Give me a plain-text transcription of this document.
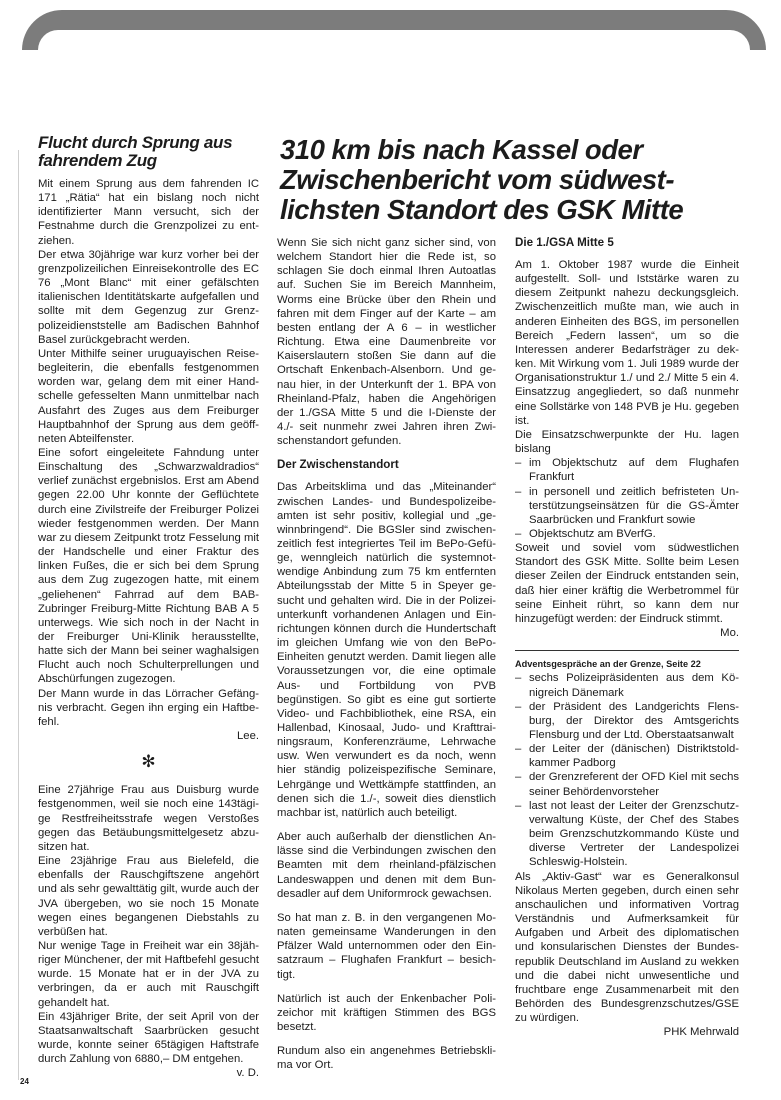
Flucht durch Sprung aus fahrendem Zug

Mit einem Sprung aus dem fahrenden IC 171 „Rätia“ hat ein bislang noch nicht identifizierter Mann versucht, sich der Festnahme durch die Grenzpolizei zu entziehen.

Der etwa 30jährige war kurz vorher bei der grenzpolizeilichen Einreisekontrolle des EC 76 „Mont Blanc“ mit einer gefälschten italienischen Identitätskarte aufgefallen und sollte mit dem Gegenzug zur Grenzpolizeidienststelle am Badischen Bahnhof Basel zurückgebracht werden.

Unter Mithilfe seiner uruguayischen Reisebegleiterin, die ebenfalls festgenommen worden war, gelang dem mit einer Handschelle gefesselten Mann unmittelbar nach Ausfahrt des Zuges aus dem Freiburger Hauptbahnhof der Sprung aus dem geöffneten Abteilfenster.

Eine sofort eingeleitete Fahndung unter Einschaltung des „Schwarzwaldradios“ verlief zunächst ergebnislos. Erst am Abend gegen 22.00 Uhr konnte der Geflüchtete durch eine Zivilstreife der Freiburger Polizei wieder festgenommen werden. Der Mann war zu diesem Zeitpunkt trotz Fesselung mit der Handschelle und einer Fraktur des linken Fußes, die er sich bei dem Sprung aus dem Zug zugezogen hatte, mit einem „geliehenen“ Fahrrad auf dem BAB-Zubringer Freiburg-Mitte Richtung BAB A 5 unterwegs. Wie sich noch in der Nacht in der Freiburger Uni-Klinik herausstellte, hatte sich der Mann bei seiner waghalsigen Flucht auch noch Schulterprellungen und Abschürfungen zugezogen.

Der Mann wurde in das Lörracher Gefängnis verbracht. Gegen ihn erging ein Haftbefehl.

Lee.

✻

Eine 27jährige Frau aus Duisburg wurde festgenommen, weil sie noch eine 143tägige Restfreiheitsstrafe wegen Verstoßes gegen das Betäubungsmittelgesetz abzusitzen hat.

Eine 23jährige Frau aus Bielefeld, die ebenfalls der Rauschgiftszene angehört und als sehr gewalttätig gilt, wurde auch der JVA übergeben, wo sie noch 15 Monate wegen eines begangenen Diebstahls zu verbüßen hat.

Nur wenige Tage in Freiheit war ein 38jähriger Münchener, der mit Haftbefehl gesucht wurde. 15 Monate hat er in der JVA zu verbringen, da er auch mit Rauschgift gehandelt hat.

Ein 43jähriger Brite, der seit April von der Staatsanwaltschaft Saarbrücken gesucht wurde, konnte seiner 65tägigen Haftstrafe durch Zahlung von 6880,– DM entgehen.

v. D.

310 km bis nach Kassel oder Zwischenbericht vom südwestlichsten Standort des GSK Mitte

Wenn Sie sich nicht ganz sicher sind, von welchem Standort hier die Rede ist, so schlagen Sie doch einmal Ihren Autoatlas auf. Suchen Sie im Bereich Mannheim, Worms eine Brücke über den Rhein und fahren mit dem Finger auf der Karte – am besten entlang der A 6 – in westlicher Richtung. Etwa eine Daumenbreite vor Kaiserslautern stoßen Sie dann auf die Ortschaft Enkenbach-Alsenborn. Und genau hier, in der Unterkunft der 1. BPA von Rheinland-Pfalz, haben die Angehörigen der 1./GSA Mitte 5 und die I-Dienste der 4./- seit nunmehr zwei Jahren ihren Zwischenstandort gefunden.

Der Zwischenstandort

Das Arbeitsklima und das „Miteinander“ zwischen Landes- und Bundespolizeibeamten ist sehr positiv, kollegial und „gewinnbringend“. Die BGSler sind zwischenzeitlich fest integriertes Teil im BePo-Gefüge, wenngleich natürlich die systemnotwendige Anbindung zum 75 km entfernten Abteilungsstab der Mitte 5 in Speyer gesucht und gehalten wird. Die in der Polizeiunterkunft vorhandenen Anlagen und Einrichtungen können durch die Hundertschaft im gleichen Umfang wie von den BePo-Einheiten genutzt werden. Damit liegen alle Voraussetzungen vor, die eine optimale Aus- und Fortbildung von PVB begünstigen. So gibt es eine gut sortierte Video- und Fachbibliothek, eine RSA, ein Hallenbad, Kinosaal, Judo- und Krafttrainingsraum, Konferenzräume, Lehrwache usw. Wen verwundert es da noch, wenn hier ständig polizeispezifische Seminare, Lehrgänge und Wettkämpfe stattfinden, an denen sich die 1./-, soweit dies dienstlich machbar ist, natürlich auch beteiligt.

Aber auch außerhalb der dienstlichen Anlässe sind die Verbindungen zwischen den Beamten mit dem rheinland-pfälzischen Landeswappen und denen mit dem Bundesadler auf dem Uniformrock gewachsen.

So hat man z. B. in den vergangenen Monaten gemeinsame Wanderungen in den Pfälzer Wald unternommen oder den Einsatzraum – Flughafen Frankfurt – besichtigt.

Natürlich ist auch der Enkenbacher Polizeichor mit kräftigen Stimmen des BGS besetzt.

Rundum also ein angenehmes Betriebsklima vor Ort.

Die 1./GSA Mitte 5

Am 1. Oktober 1987 wurde die Einheit aufgestellt. Soll- und Iststärke waren zu diesem Zeitpunkt nahezu deckungsgleich. Zwischenzeitlich mußte man, wie auch in anderen Einheiten des BGS, im personellen Bereich „Federn lassen“, um so die Interessen anderer Bedarfsträger zu dekken. Mit Wirkung vom 1. Juli 1989 wurde der Organisationstruktur 1./ und 2./ Mitte 5 ein 4. Einsatzzug angegliedert, so daß nunmehr eine Sollstärke von 148 PVB je Hu. gegeben ist.

Die Einsatzschwerpunkte der Hu. lagen bislang

– im Objektschutz auf dem Flughafen Frankfurt
– in personell und zeitlich befristeten Unterstützungseinsätzen für die GS-Ämter Saarbrücken und Frankfurt sowie
– Objektschutz am BVerfG.

Soweit und soviel vom südwestlichen Standort des GSK Mitte. Sollte beim Lesen dieser Zeilen der Eindruck entstanden sein, daß hier einer kräftig die Werbetrommel für seine Einheit rührt, so kann dem nur hinzugefügt werden: der Eindruck stimmt.

Mo.

Adventsgespräche an der Grenze, Seite 22

– sechs Polizeipräsidenten aus dem Königreich Dänemark
– der Präsident des Landgerichts Flensburg, der Direktor des Amtsgerichts Flensburg und der Ltd. Oberstaatsanwalt
– der Leiter der (dänischen) Distriktstoldkammer Padborg
– der Grenzreferent der OFD Kiel mit sechs seiner Behördenvorsteher
– last not least der Leiter der Grenzschutzverwaltung Küste, der Chef des Stabes beim Grenzschutzkommando Küste und diverse Vertreter der Landespolizei Schleswig-Holstein.

Als „Aktiv-Gast“ war es Generalkonsul Nikolaus Merten gegeben, durch einen sehr anschaulichen und informativen Vortrag Verständnis und Aufmerksamkeit für Aufgaben und Arbeit des diplomatischen und konsularischen Dienstes der Bundesrepublik Deutschland im Ausland zu wekken und die dabei nicht unwesentliche und fruchtbare enge Zusammenarbeit mit den Behörden des Bundesgrenzschutzes/GSE zu würdigen.

PHK Mehrwald

24
